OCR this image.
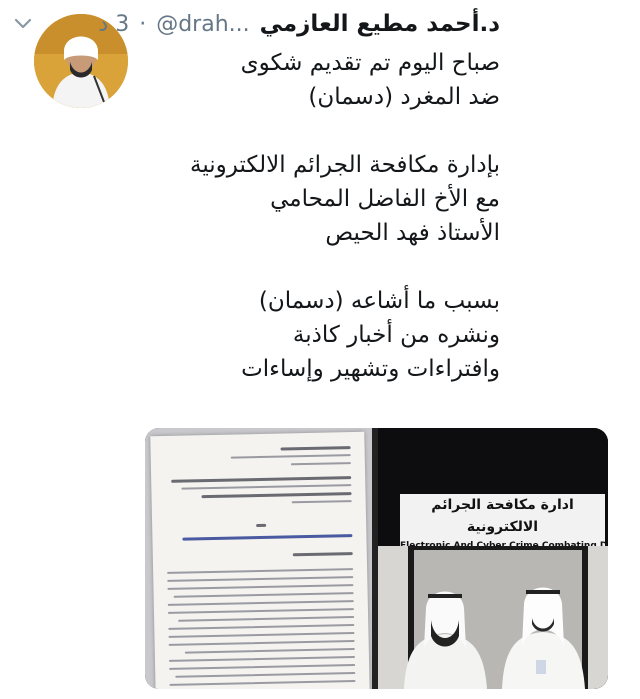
د.أحمد مطيع العازمي
@drah...
·
3 د
صباح اليوم تم تقديم شكوى
ضد المغرد (دسمان)
بإدارة مكافحة الجرائم الالكترونية
مع الأخ الفاضل المحامي
الأستاذ فهد الحيص
بسبب ما أشاعه (دسمان)
ونشره من أخبار كاذبة
وافتراءات وتشهير وإساءات
ادارة مكافحة الجرائم الالكترونية
